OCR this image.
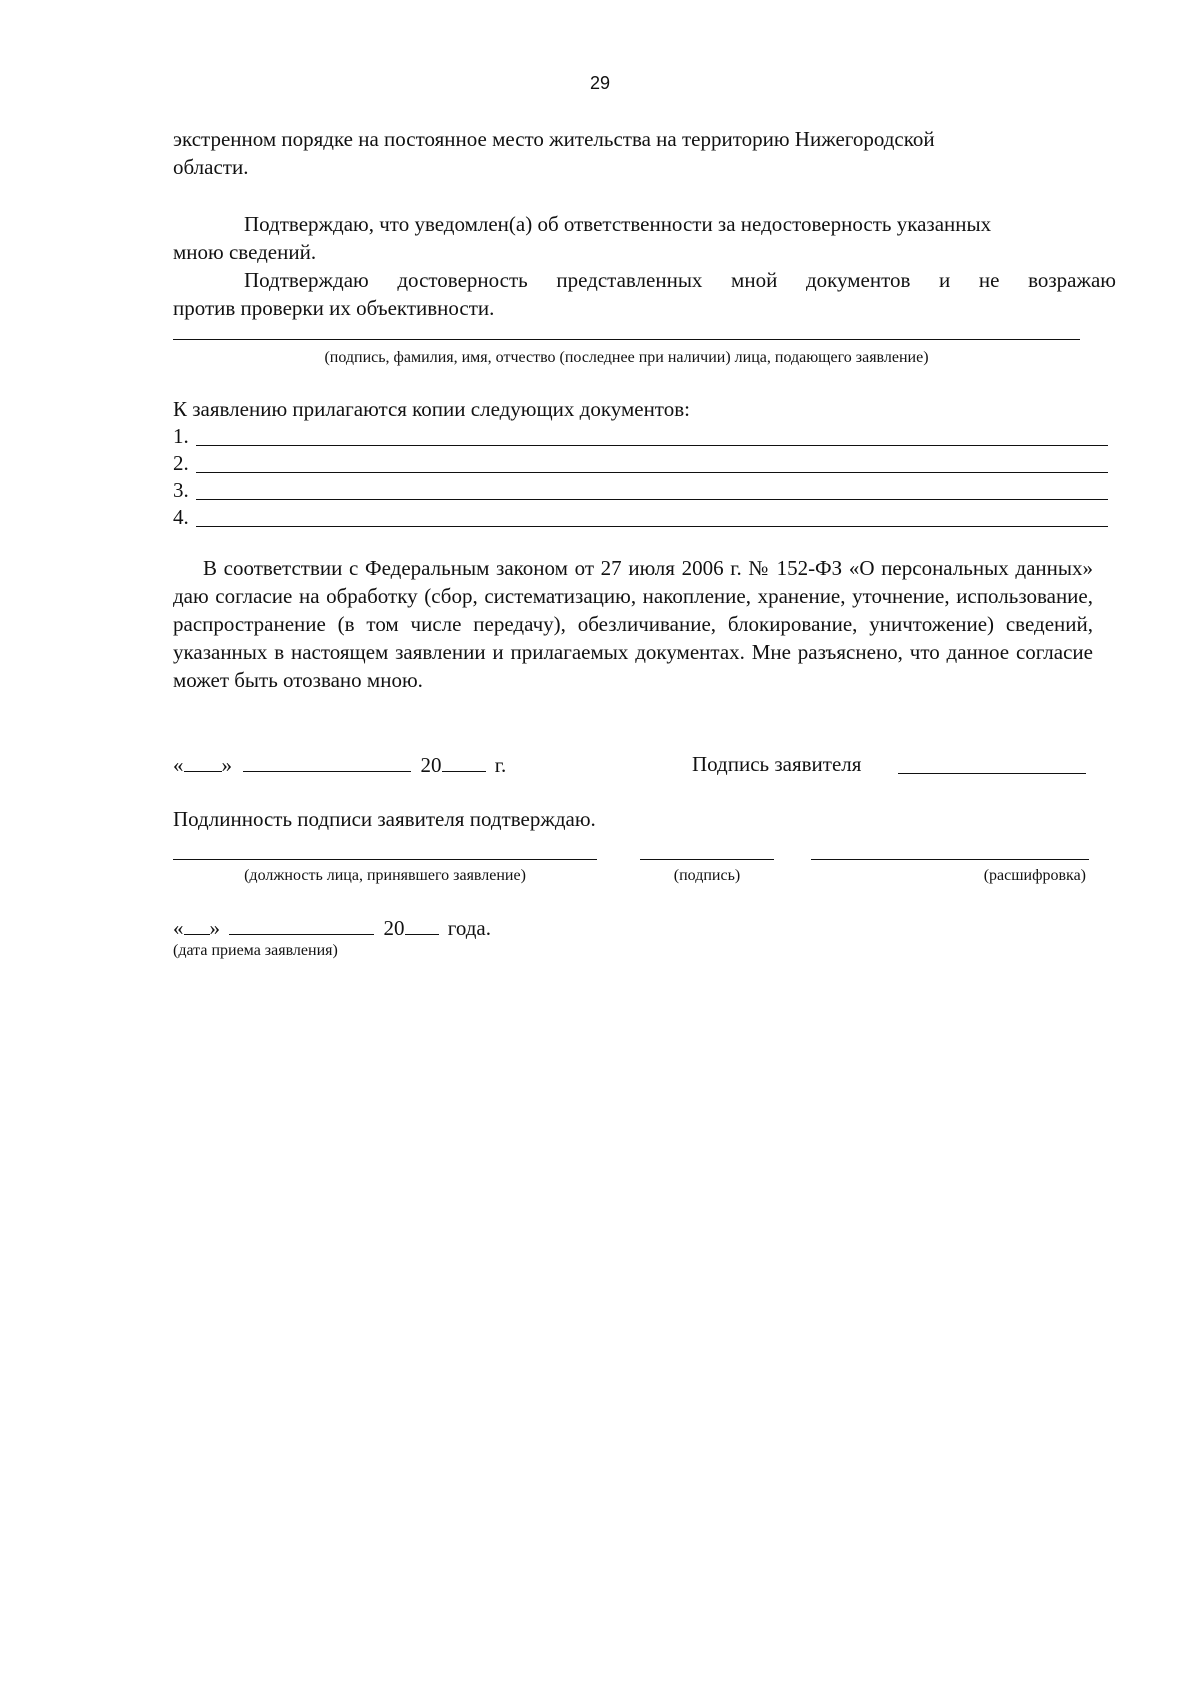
29
экстренном порядке на постоянное место жительства на территорию Нижегородской
области.
Подтверждаю, что уведомлен(а) об ответственности за недостоверность указанных
мною сведений.
Подтверждаю достоверность представленных мной документов и не возражаю
против проверки их объективности.
(подпись, фамилия, имя, отчество (последнее при наличии) лица, подающего заявление)
К заявлению прилагаются копии следующих документов:
1.
2.
3.
4.
В соответствии с Федеральным законом от 27 июля 2006 г. № 152-ФЗ «О персональных данных» даю согласие на обработку (сбор, систематизацию, накопление, хранение, уточнение, использование, распространение (в том числе передачу), обезличивание, блокирование, уничтожение) сведений, указанных в настоящем заявлении и прилагаемых документах. Мне разъяснено, что данное согласие может быть отозвано мною.
« »	20	г.	Подпись заявителя
Подлинность подписи заявителя подтверждаю.
(должность лица, принявшего заявление)	(подпись)	(расшифровка)
« »	20 года.
(дата приема заявления)
